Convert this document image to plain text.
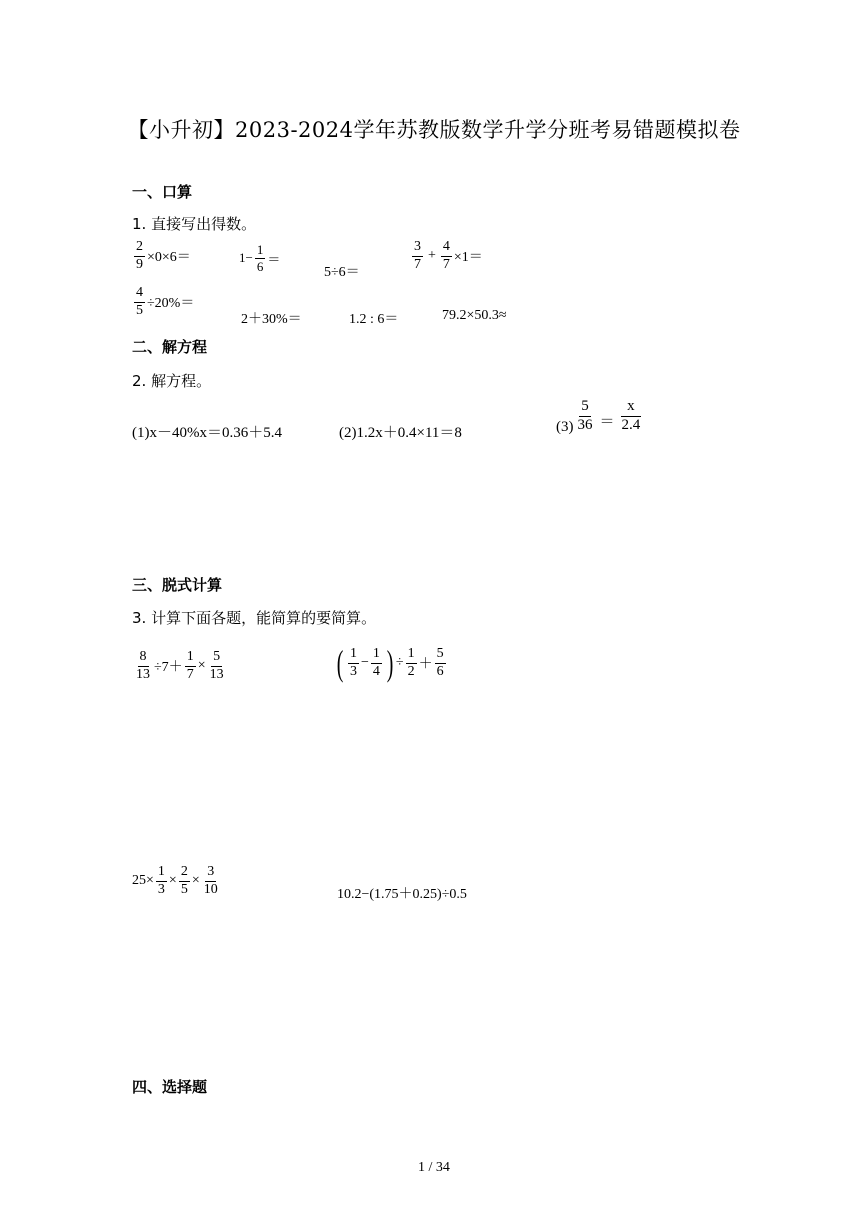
【小升初】2023-2024学年苏教版数学升学分班考易错题模拟卷
一、口算
1. 直接写出得数。
$\frac{2}{9} \times 0\times 6=$	$1- \frac{1}{6}$ ＝
5÷6＝
$\frac{3}{7} + \frac{4}{7} \times 1=$
$\frac{4}{5} \div 20\%=$
2＋30%＝	1.2 : 6＝	79.2×50.3≈
二、解方程
2. 解方程。
(1)x－40%x＝0.36＋5.4	(2)1.2x＋0.4×11＝8	$(3) \frac{5}{36} = \frac{x}{2.4}$
三、脱式计算
3. 计算下面各题，能简算的要简算。
$\frac{8}{13} \div 7+ \frac{1}{7} \times \frac{5}{13}$	( $\frac{1}{3} - \frac{1}{4}$ ) ÷ $\frac{1}{2} + \frac{5}{6}$
$25\times \frac{1}{3} \times \frac{2}{5} \times \frac{3}{10}$	10.2−(1.75＋0.25)÷0.5
四、选择题
1 / 34
